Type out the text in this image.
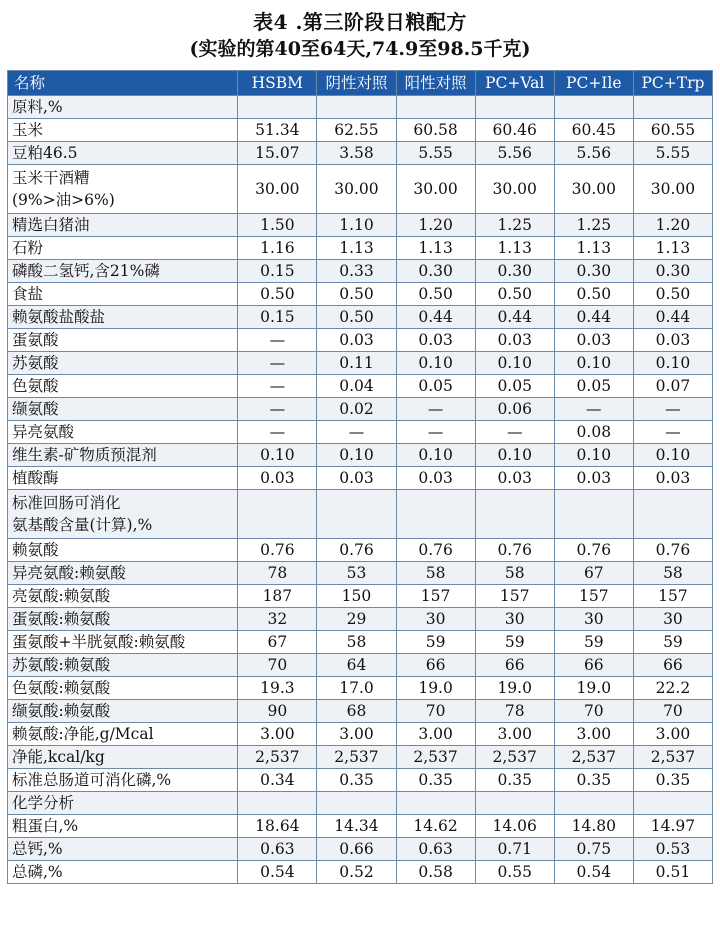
表4 .第三阶段日粮配方
(实验的第40至64天,74.9至98.5千克)
名称	HSBM	阴性对照	阳性对照	PC+Val	PC+Ile	PC+Trp
原料,%						
玉米	51.34	62.55	60.58	60.46	60.45	60.55
豆粕46.5	15.07	3.58	5.55	5.56	5.56	5.55

玉米干酒糟
(9%>油>6%)	30.00	30.00	30.00	30.00	30.00	30.00
精选白猪油	1.50	1.10	1.20	1.25	1.25	1.20
石粉	1.16	1.13	1.13	1.13	1.13	1.13
磷酸二氢钙,含21%磷	0.15	0.33	0.30	0.30	0.30	0.30
食盐	0.50	0.50	0.50	0.50	0.50	0.50
赖氨酸盐酸盐	0.15	0.50	0.44	0.44	0.44	0.44
蛋氨酸	—	0.03	0.03	0.03	0.03	0.03
苏氨酸	—	0.11	0.10	0.10	0.10	0.10
色氨酸	—	0.04	0.05	0.05	0.05	0.07
缬氨酸	—	0.02	—	0.06	—	—
异亮氨酸	—	—	—	—	0.08	—
维生素-矿物质预混剂	0.10	0.10	0.10	0.10	0.10	0.10
植酸酶	0.03	0.03	0.03	0.03	0.03	0.03

标准回肠可消化
氨基酸含量(计算),%						

赖氨酸	0.76	0.76	0.76	0.76	0.76	0.76
异亮氨酸:赖氨酸	78	53	58	58	67	58
亮氨酸:赖氨酸	187	150	157	157	157	157
蛋氨酸:赖氨酸	32	29	30	30	30	30
蛋氨酸+半胱氨酸:赖氨酸	67	58	59	59	59	59
苏氨酸:赖氨酸	70	64	66	66	66	66
色氨酸:赖氨酸	19.3	17.0	19.0	19.0	19.0	22.2
缬氨酸:赖氨酸	90	68	70	78	70	70
赖氨酸:净能,g/Mcal	3.00	3.00	3.00	3.00	3.00	3.00
净能,kcal/kg	2,537	2,537	2,537	2,537	2,537	2,537
标准总肠道可消化磷,%	0.34	0.35	0.35	0.35	0.35	0.35
化学分析						
粗蛋白,%	18.64	14.34	14.62	14.06	14.80	14.97
总钙,%	0.63	0.66	0.63	0.71	0.75	0.53
总磷,%	0.54	0.52	0.58	0.55	0.54	0.51
